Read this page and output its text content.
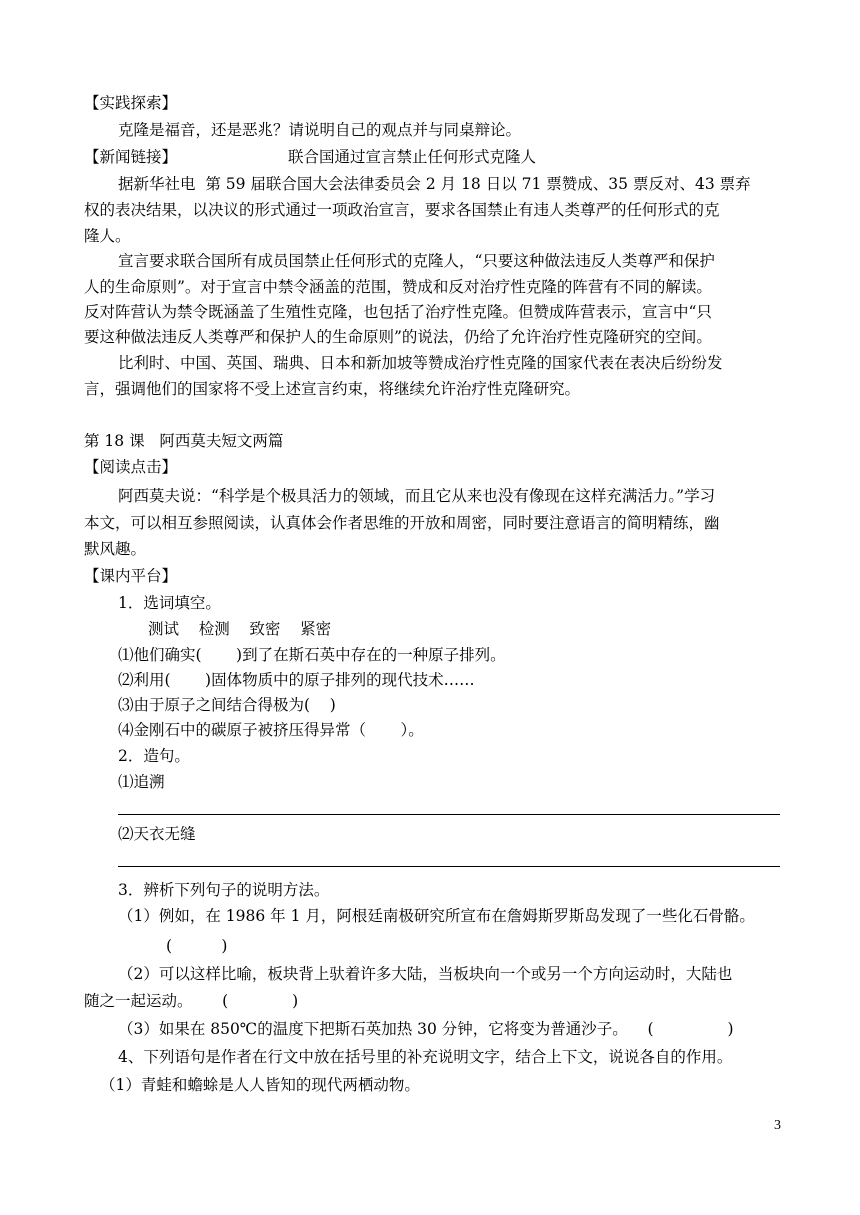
【实践探索】
克隆是福音，还是恶兆？请说明自己的观点并与同桌辩论。
【新闻链接】	联合国通过宣言禁止任何形式克隆人
据新华社电  第 59 届联合国大会法律委员会 2 月 18 日以 71 票赞成、35 票反对、43 票弃
权的表决结果，以决议的形式通过一项政治宣言，要求各国禁止有违人类尊严的任何形式的克
隆人。
宣言要求联合国所有成员国禁止任何形式的克隆人，“只要这种做法违反人类尊严和保护
人的生命原则”。对于宣言中禁令涵盖的范围，赞成和反对治疗性克隆的阵营有不同的解读。
反对阵营认为禁令既涵盖了生殖性克隆，也包括了治疗性克隆。但赞成阵营表示，宣言中“只
要这种做法违反人类尊严和保护人的生命原则”的说法，仍给了允许治疗性克隆研究的空间。
比利时、中国、英国、瑞典、日本和新加坡等赞成治疗性克隆的国家代表在表决后纷纷发
言，强调他们的国家将不受上述宣言约束，将继续允许治疗性克隆研究。
第 18 课   阿西莫夫短文两篇
【阅读点击】
阿西莫夫说：“科学是个极具活力的领域，而且它从来也没有像现在这样充满活力。”学习
本文，可以相互参照阅读，认真体会作者思维的开放和周密，同时要注意语言的简明精练，幽
默风趣。
【课内平台】
1．选词填空。
测试    检测    致密    紧密
⑴他们确实(       )到了在斯石英中存在的一种原子排列。
⑵利用(       )固体物质中的原子排列的现代技术……
⑶由于原子之间结合得极为(    )
⑷金刚石中的碳原子被挤压得异常（       ）。
2．造句。
⑴追溯
⑵天衣无缝
3．辨析下列句子的说明方法。
（1）例如，在 1986 年 1 月，阿根廷南极研究所宣布在詹姆斯罗斯岛发现了一些化石骨骼。
(          )
（2）可以这样比喻，板块背上驮着许多大陆，当板块向一个或另一个方向运动时，大陆也
随之一起运动。      (             )
（3）如果在 850℃的温度下把斯石英加热 30 分钟，它将变为普通沙子。    (               )
4、下列语句是作者在行文中放在括号里的补充说明文字，结合上下文，说说各自的作用。
（1）青蛙和蟾蜍是人人皆知的现代两栖动物。
3
